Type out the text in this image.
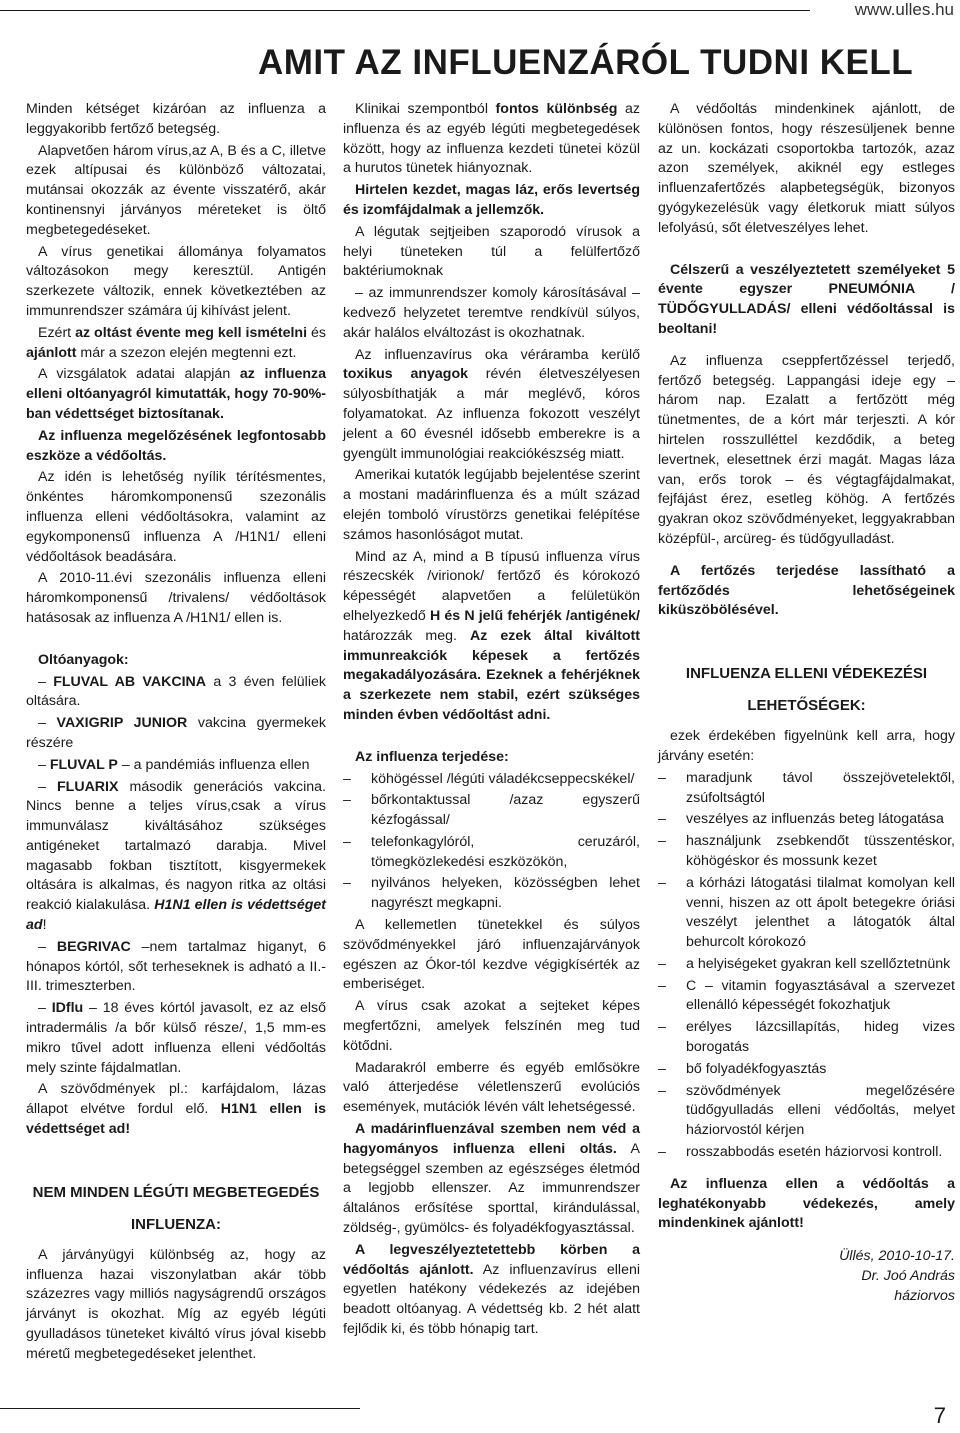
www.ulles.hu
AMIT AZ INFLUENZÁRÓL TUDNI KELL

Minden kétséget kizáróan az influenza a leggyakoribb fertőző betegség.

Alapvetően három vírus,az A, B és a C, illetve ezek altípusai és különböző változatai, mutánsai okozzák az évente visszatérő, akár kontinensnyi járványos méreteket is öltő megbetegedéseket.

A vírus genetikai állománya folyamatos változásokon megy keresztül. Antigén szerkezete változik, ennek következtében az immunrendszer számára új kihívást jelent.

Ezért az oltást évente meg kell ismételni és ajánlott már a szezon elején megtenni ezt.

A vizsgálatok adatai alapján az influenza elleni oltóanyagról kimutatták, hogy 70-90%-ban védettséget biztosítanak.

Az influenza megelőzésének legfontosabb eszköze a védőoltás.

Az idén is lehetőség nyílik térítésmentes, önkéntes háromkomponensű szezonális influenza elleni védőoltásokra, valamint az egykomponensű influenza A /H1N1/ elleni védőoltások beadására.

A 2010-11.évi szezonális influenza elleni háromkomponensű /trivalens/ védőoltások hatásosak az influenza A /H1N1/ ellen is.

Oltóanyagok:

– FLUVAL AB VAKCINA a 3 éven felüliek oltására.

– VAXIGRIP JUNIOR vakcina gyermekek részére

– FLUVAL P – a pandémiás influenza ellen

– FLUARIX második generációs vakcina. Nincs benne a teljes vírus,csak a vírus immunválasz kiváltásához szükséges antigéneket tartalmazó darabja. Mivel magasabb fokban tisztított, kisgyermekek oltására is alkalmas, és nagyon ritka az oltási reakció kialakulása. H1N1 ellen is védettséget ad!

– BEGRIVAC –nem tartalmaz higanyt, 6 hónapos kórtól, sőt terheseknek is adható a II.-III. trimeszterben.

– IDflu – 18 éves kórtól javasolt, ez az első intradermális /a bőr külső része/, 1,5 mm-es mikro tűvel adott influenza elleni védőoltás mely szinte fájdalmatlan.

A szövődmények pl.: karfájdalom, lázas állapot elvétve fordul elő. H1N1 ellen is védettséget ad!

NEM MINDEN LÉGÚTI MEGBETEGEDÉS
INFLUENZA:

A járványügyi különbség az, hogy az influenza hazai viszonylatban akár több százezres vagy milliós nagyságrendű országos járványt is okozhat. Míg az egyéb légúti gyulladásos tüneteket kiváltó vírus jóval kisebb méretű megbetegedéseket jelenthet.

Klinikai szempontból fontos különbség az influenza és az egyéb légúti megbetegedések között, hogy az influenza kezdeti tünetei közül a hurutos tünetek hiányoznak.

Hirtelen kezdet, magas láz, erős levertség és izomfájdalmak a jellemzők.

A légutak sejtjeiben szaporodó vírusok a helyi tüneteken túl a felülfertőző baktériumoknak

– az immunrendszer komoly károsításával – kedvező helyzetet teremtve rendkívül súlyos, akár halálos elváltozást is okozhatnak.

Az influenzavírus oka véráramba kerülő toxikus anyagok révén életveszélyesen súlyosbíthatják a már meglévő, kóros folyamatokat. Az influenza fokozott veszélyt jelent a 60 évesnél idősebb emberekre is a gyengült immunológiai reakciókészség miatt.

Amerikai kutatók legújabb bejelentése szerint a mostani madárinfluenza és a múlt század elején tomboló vírustörzs genetikai felépítése számos hasonlóságot mutat.

Mind az A, mind a B típusú influenza vírus részecskék /virionok/ fertőző és kórokozó képességét alapvetően a felületükön elhelyezkedő H és N jelű fehérjék /antigének/ határozzák meg. Az ezek által kiváltott immunreakciók képesek a fertőzés megakadályozására. Ezeknek a fehérjéknek a szerkezete nem stabil, ezért szükséges minden évben védőoltást adni.

Az influenza terjedése:

– köhögéssel /légúti váladékcseppecskékel/

– bőrkontaktussal /azaz egyszerű kézfogással/

– telefonkagylóról, ceruzáról, tömegközlekedési eszközökön,

– nyilvános helyeken, közösségben lehet nagyrészt megkapni.

A kellemetlen tünetekkel és súlyos szövődményekkel járó influenzajárványok egészen az Ókor-tól kezdve végigkísérték az emberiséget.

A vírus csak azokat a sejteket képes megfertőzni, amelyek felszínén meg tud kötődni.

Madarakról emberre és egyéb emlősökre való átterjedése véletlenszerű evolúciós események, mutációk lévén vált lehetségessé.

A madárinfluenzával szemben nem véd a hagyományos influenza elleni oltás. A betegséggel szemben az egészséges életmód a legjobb ellenszer. Az immunrendszer általános erősítése sporttal, kirándulással, zöldség-, gyümölcs- és folyadékfogyasztással.

A legveszélyeztetettebb körben a védőoltás ajánlott. Az influenzavírus elleni egyetlen hatékony védekezés az idejében beadott oltóanyag. A védettség kb. 2 hét alatt fejlődik ki, és több hónapig tart.

A védőoltás mindenkinek ajánlott, de különösen fontos, hogy részesüljenek benne az un. kockázati csoportokba tartozók, azaz azon személyek, akiknél egy estleges influenzafertőzés alapbetegségük, bizonyos gyógykezelésük vagy életkoruk miatt súlyos lefolyású, sőt életveszélyes lehet.

Célszerű a veszélyeztetett személyeket 5 évente egyszer PNEUMÓNIA / TÜDŐGYULLADÁS/ elleni védőoltással is beoltani!

Az influenza cseppfertőzéssel terjedő, fertőző betegség. Lappangási ideje egy – három nap. Ezalatt a fertőzött még tünetmentes, de a kórt már terjeszti. A kór hirtelen rosszulléttel kezdődik, a beteg levertnek, elesettnek érzi magát. Magas láza van, erős torok – és végtagfájdalmakat, fejfájást érez, esetleg köhög. A fertőzés gyakran okoz szövődményeket, leggyakrabban középfül-, arcüreg- és tüdőgyulladást.

A fertőzés terjedése lassítható a fertőződés lehetőségeinek kiküszöbölésével.

INFLUENZA ELLENI VÉDEKEZÉSI
LEHETŐSÉGEK:

ezek érdekében figyelnünk kell arra, hogy járvány esetén:

– maradjunk távol összejövetelektől, zsúfoltságtól

– veszélyes az influenzás beteg látogatása

– használjunk zsebkendőt tüsszentéskor, köhögéskor és mossunk kezet

– a kórházi látogatási tilalmat komolyan kell venni, hiszen az ott ápolt betegekre óriási veszélyt jelenthet a látogatók által behurcolt kórokozó

– a helyiségeket gyakran kell szellőztetnünk

– C – vitamin fogyasztásával a szervezet ellenálló képességét fokozhatjuk

– erélyes lázcsillapítás, hideg vizes borogatás

– bő folyadékfogyasztás

– szövődmények megelőzésére tüdőgyulladás elleni védőoltás, melyet háziorvostól kérjen

– rosszabbodás esetén háziorvosi kontroll.

Az influenza ellen a védőoltás a leghatékonyabb védekezés, amely mindenkinek ajánlott!

Üllés, 2010-10-17.

Dr. Joó András

háziorvos

7
